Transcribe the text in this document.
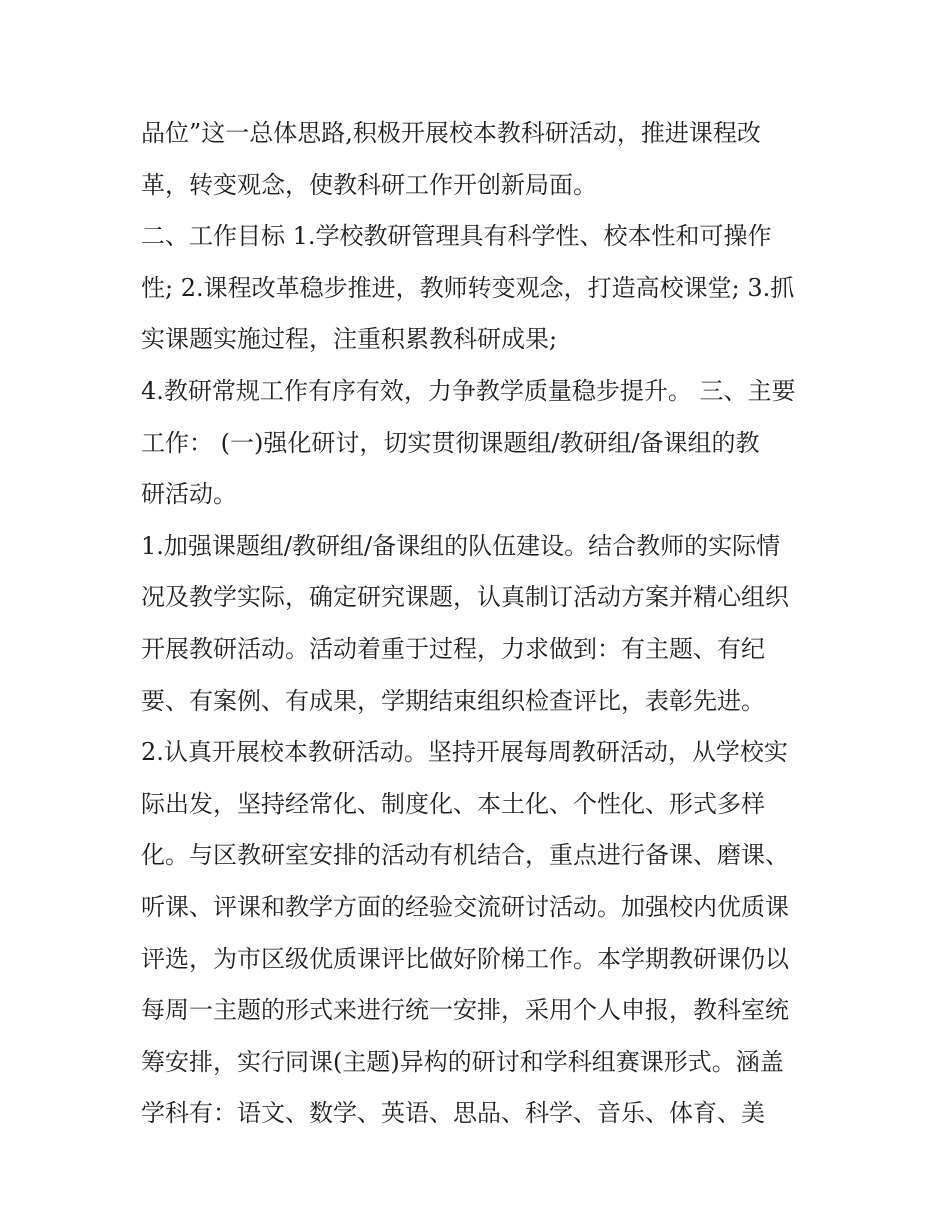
品位”这一总体思路,积极开展校本教科研活动，推进课程改
革，转变观念，使教科研工作开创新局面。
二、工作目标 1.学校教研管理具有科学性、校本性和可操作
性; 2.课程改革稳步推进，教师转变观念，打造高校课堂; 3.抓
实课题实施过程，注重积累教科研成果;
4.教研常规工作有序有效，力争教学质量稳步提升。 三、主要
工作： (一)强化研讨，切实贯彻课题组/教研组/备课组的教
研活动。
1.加强课题组/教研组/备课组的队伍建设。结合教师的实际情
况及教学实际，确定研究课题，认真制订活动方案并精心组织
开展教研活动。活动着重于过程，力求做到：有主题、有纪
要、有案例、有成果，学期结束组织检查评比，表彰先进。
2.认真开展校本教研活动。坚持开展每周教研活动，从学校实
际出发，坚持经常化、制度化、本土化、个性化、形式多样
化。与区教研室安排的活动有机结合，重点进行备课、磨课、
听课、评课和教学方面的经验交流研讨活动。加强校内优质课
评选，为市区级优质课评比做好阶梯工作。本学期教研课仍以
每周一主题的形式来进行统一安排，采用个人申报，教科室统
筹安排，实行同课(主题)异构的研讨和学科组赛课形式。涵盖
学科有：语文、数学、英语、思品、科学、音乐、体育、美
